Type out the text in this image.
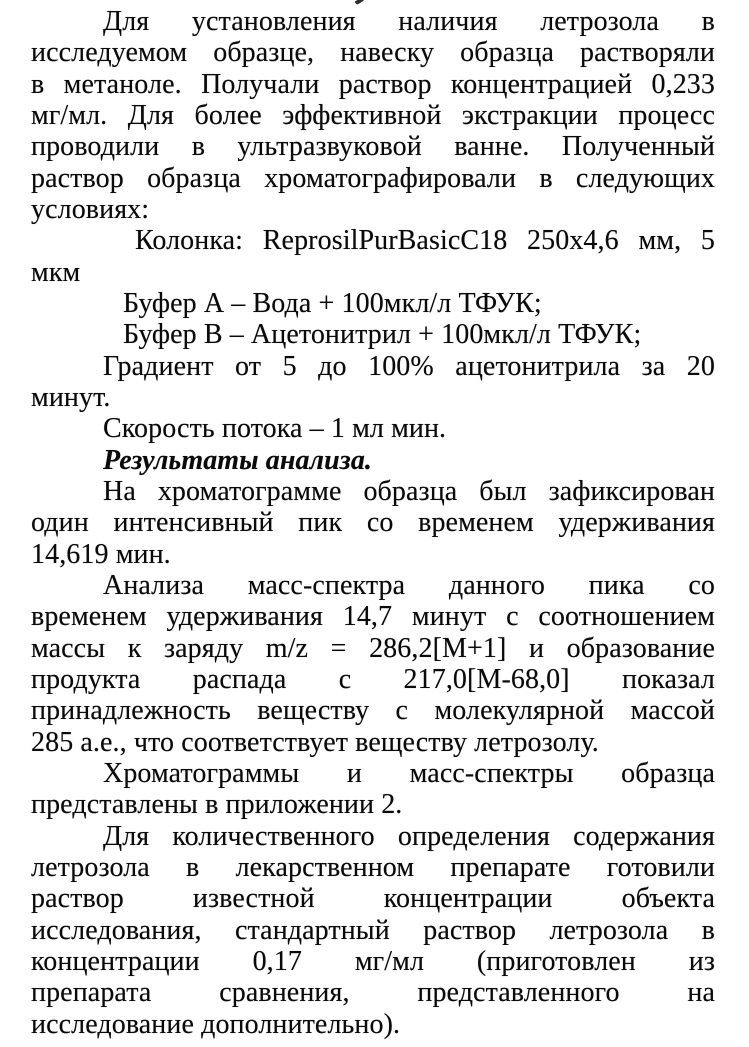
Для установления наличия летрозола в
исследуемом образце, навеску образца растворяли
в метаноле. Получали раствор концентрацией 0,233
мг/мл. Для более эффективной экстракции процесс
проводили в ультразвуковой ванне. Полученный
раствор образца хроматографировали в следующих
условиях:
Колонка: ReprosilPurBasicC18 250x4,6 мм, 5
мкм
Буфер А – Вода + 100мкл/л ТФУК;
Буфер В – Ацетонитрил + 100мкл/л ТФУК;
Градиент от 5 до 100% ацетонитрила за 20
минут.
Скорость потока – 1 мл мин.
Результаты анализа.
На хроматограмме образца был зафиксирован
один интенсивный пик со временем удерживания
14,619 мин.
Анализа масс-спектра данного пика со
временем удерживания 14,7 минут с соотношением
массы к заряду m/z = 286,2[M+1] и образование
продукта распада с 217,0[M-68,0] показал
принадлежность веществу с молекулярной массой
285 а.е., что соответствует веществу летрозолу.
Хроматограммы и масс-спектры образца
представлены в приложении 2.
Для количественного определения содержания
летрозола в лекарственном препарате готовили
раствор известной концентрации объекта
исследования, стандартный раствор летрозола в
концентрации 0,17 мг/мл (приготовлен из
препарата сравнения, представленного на
исследование дополнительно).
